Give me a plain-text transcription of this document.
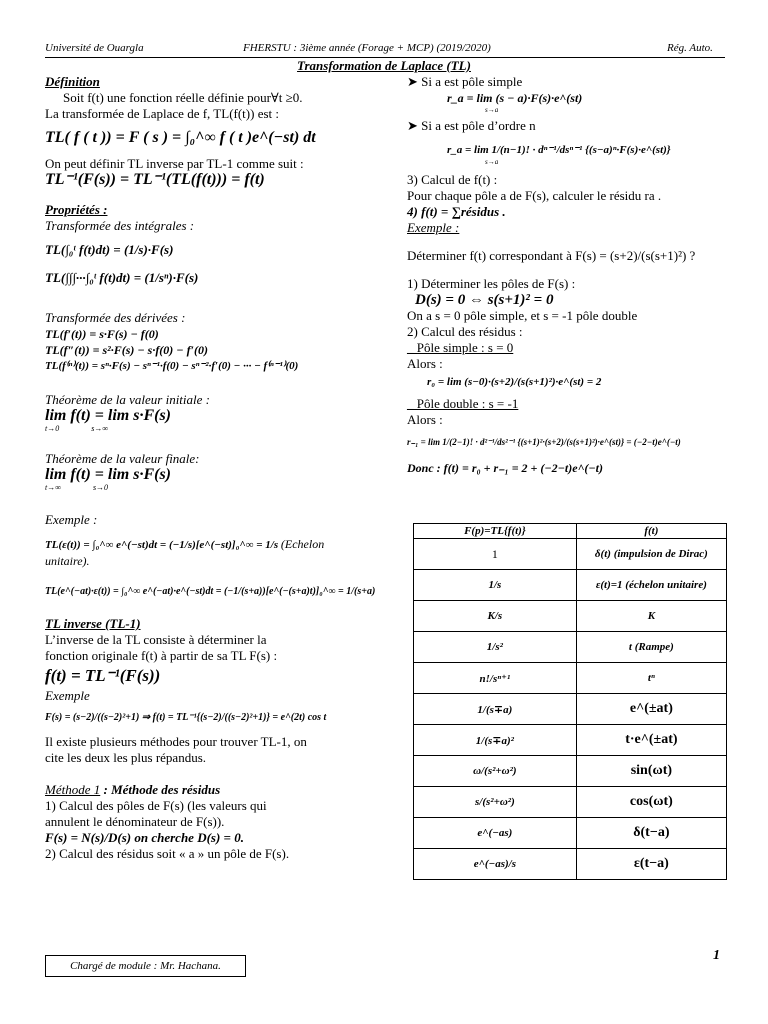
Université de Ouargla	FHERSTU : 3ième année (Forage + MCP) (2019/2020)	Rég. Auto.
Transformation de Laplace (TL)

Définition

Soit f(t) une fonction réelle définie pour∀t ≥0.

La transformée de Laplace de f, TL(f(t)) est :

TL( f ( t )) = F ( s ) = ∫₀^∞ f ( t )e^(−st) dt

On peut définir TL inverse par TL-1 comme suit :

TL⁻¹(F(s)) = TL⁻¹(TL(f(t))) = f(t)

Propriétés :

Transformée des intégrales :

TL(∫₀ᵗ f(t)dt) = (1/s)·F(s)

TL(∫∫∫···∫₀ᵗ f(t)dt) = (1/sⁿ)·F(s)

Transformée des dérivées :

TL(f′(t)) = s·F(s) − f(0)

TL(f″(t)) = s²·F(s) − s·f(0) − f′(0)

TL(f⁽ⁿ⁾(t)) = sⁿ·F(s) − sⁿ⁻¹·f(0) − sⁿ⁻²·f′(0) − ··· − f⁽ⁿ⁻¹⁾(0)

Théorème de la valeur initiale :

lim f(t) = lim s·F(s)

t→0	s→∞

Théorème de la valeur finale:

lim f(t) = lim s·F(s)

t→∞	s→0

Exemple :

TL(ε(t)) = ∫₀^∞ e^(−st)dt = (−1/s)[e^(−st)]₀^∞ = 1/s (Echelon unitaire).

TL(e^(−at)·ε(t)) = ∫₀^∞ e^(−at)·e^(−st)dt = (−1/(s+a))[e^(−(s+a)t)]₀^∞ = 1/(s+a)

TL inverse (TL-1)

L’inverse de la TL consiste à déterminer la

fonction originale f(t) à partir de sa TL F(s) :

f(t) = TL⁻¹(F(s))

Exemple

F(s) = (s−2)/((s−2)²+1) ⇒ f(t) = TL⁻¹{(s−2)/((s−2)²+1)} = e^(2t) cos t

Il existe plusieurs méthodes pour trouver TL-1, on

cite les deux les plus répandus.

Méthode 1 : Méthode des résidus

1) Calcul des pôles de F(s) (les valeurs qui

annulent le dénominateur de F(s)).

F(s) = N(s)/D(s) on cherche D(s) = 0.

2) Calcul des résidus soit « a » un pôle de F(s).

➤ Si a est pôle simple

r_a = lim (s − a)·F(s)·e^(st)

s→a

➤ Si a est pôle d’ordre n

r_a = lim 1/(n−1)! · dⁿ⁻¹/dsⁿ⁻¹ {(s−a)ⁿ·F(s)·e^(st)}

s→a

3) Calcul de f(t) :

Pour chaque pôle a de F(s), calculer le résidu ra .

4) f(t) = ∑résidus .

Exemple :

Déterminer f(t) correspondant à F(s) = (s+2)/(s(s+1)²) ?

1) Déterminer les pôles de F(s) :

D(s) = 0 ⇔ s(s+1)² = 0

On a s = 0 pôle simple, et s = -1 pôle double

2) Calcul des résidus :

_ Pôle simple : s = 0

Alors :

r₀ = lim (s−0)·(s+2)/(s(s+1)²)·e^(st) = 2

_ Pôle double : s = -1

Alors :

r₋₁ = lim 1/(2−1)! · d²⁻¹/ds²⁻¹ {(s+1)²·(s+2)/(s(s+1)²)·e^(st)} = (−2−t)e^(−t)

Donc : f(t) = r₀ + r₋₁ = 2 + (−2−t)e^(−t)

F(p)=TL{f(t)}	f(t)
1	δ(t) (impulsion de Dirac)
1/s	ε(t)=1 (échelon unitaire)
K/s	K
1/s²	t (Rampe)
n!/sⁿ⁺¹	tⁿ
1/(s∓a)	e^(±at)
1/(s∓a)²	t·e^(±at)
ω/(s²+ω²)	sin(ωt)
s/(s²+ω²)	cos(ωt)
e^(−as)	δ(t−a)
e^(−as)/s	ε(t−a)
1
Chargé de module : Mr. Hachana.
